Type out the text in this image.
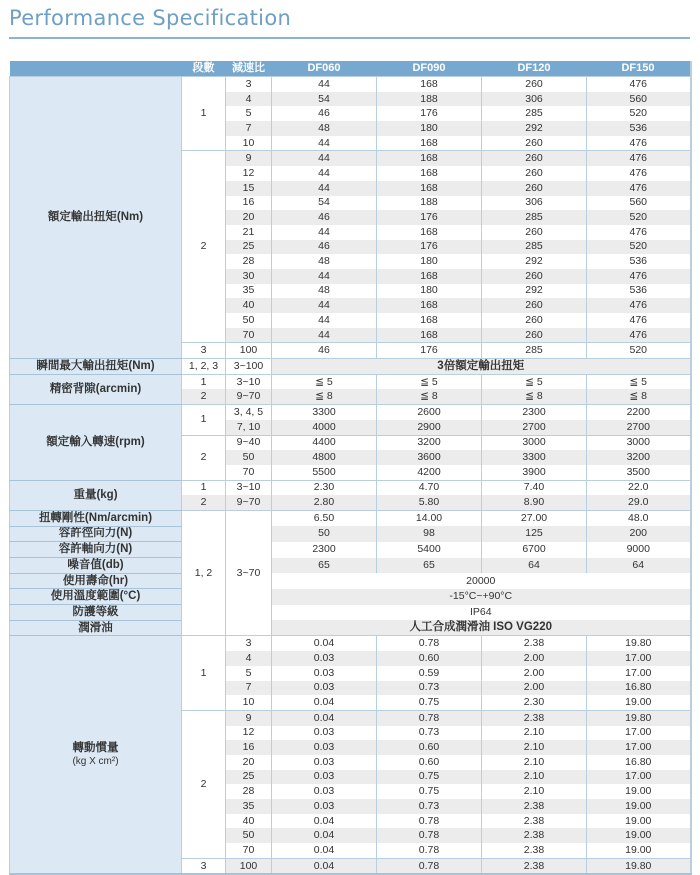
Performance Specification
	段數	減速比	DF060	DF090	DF120	DF150
額定輸出扭矩(Nm)	1	3	44	168	260	476
		4	54	188	306	560
		5	46	176	285	520
		7	48	180	292	536
		10	44	168	260	476
	2	9	44	168	260	476
		12	44	168	260	476
		15	44	168	260	476
		16	54	188	306	560
		20	46	176	285	520
		21	44	168	260	476
		25	46	176	285	520
		28	48	180	292	536
		30	44	168	260	476
		35	48	180	292	536
		40	44	168	260	476
		50	44	168	260	476
		70	44	168	260	476
	3	100	46	176	285	520
瞬間最大輸出扭矩(Nm)	1, 2, 3	3~100	3倍額定輸出扭矩			
精密背隙(arcmin)	1	3~10	≦ 5	≦ 5	≦ 5	≦ 5
	2	9~70	≦ 8	≦ 8	≦ 8	≦ 8
額定輸入轉速(rpm)	1	3, 4, 5	3300	2600	2300	2200
		7, 10	4000	2900	2700	2700
	2	9~40	4400	3200	3000	3000
		50	4800	3600	3300	3200
		70	5500	4200	3900	3500
重量(kg)	1	3~10	2.30	4.70	7.40	22.0
	2	9~70	2.80	5.80	8.90	29.0
扭轉剛性(Nm/arcmin)	1, 2	3~70	6.50	14.00	27.00	48.0
容許徑向力(N)			50	98	125	200
容許軸向力(N)			2300	5400	6700	9000
噪音值(db)			65	65	64	64
使用壽命(hr)			20000			
使用溫度範圍(°C)			-15°C~+90°C			
防護等級			IP64			
潤滑油			人工合成潤滑油 ISO VG220			
轉動慣量
(kg X cm²)	1	3	0.04	0.78	2.38	19.80
		4	0.03	0.60	2.00	17.00
		5	0.03	0.59	2.00	17.00
		7	0.03	0.73	2.00	16.80
		10	0.04	0.75	2.30	19.00
	2	9	0.04	0.78	2.38	19.80
		12	0.03	0.73	2.10	17.00
		16	0.03	0.60	2.10	17.00
		20	0.03	0.60	2.10	16.80
		25	0.03	0.75	2.10	17.00
		28	0.03	0.75	2.10	19.00
		35	0.03	0.73	2.38	19.00
		40	0.04	0.78	2.38	19.00
		50	0.04	0.78	2.38	19.00
		70	0.04	0.78	2.38	19.00
	3	100	0.04	0.78	2.38	19.80
